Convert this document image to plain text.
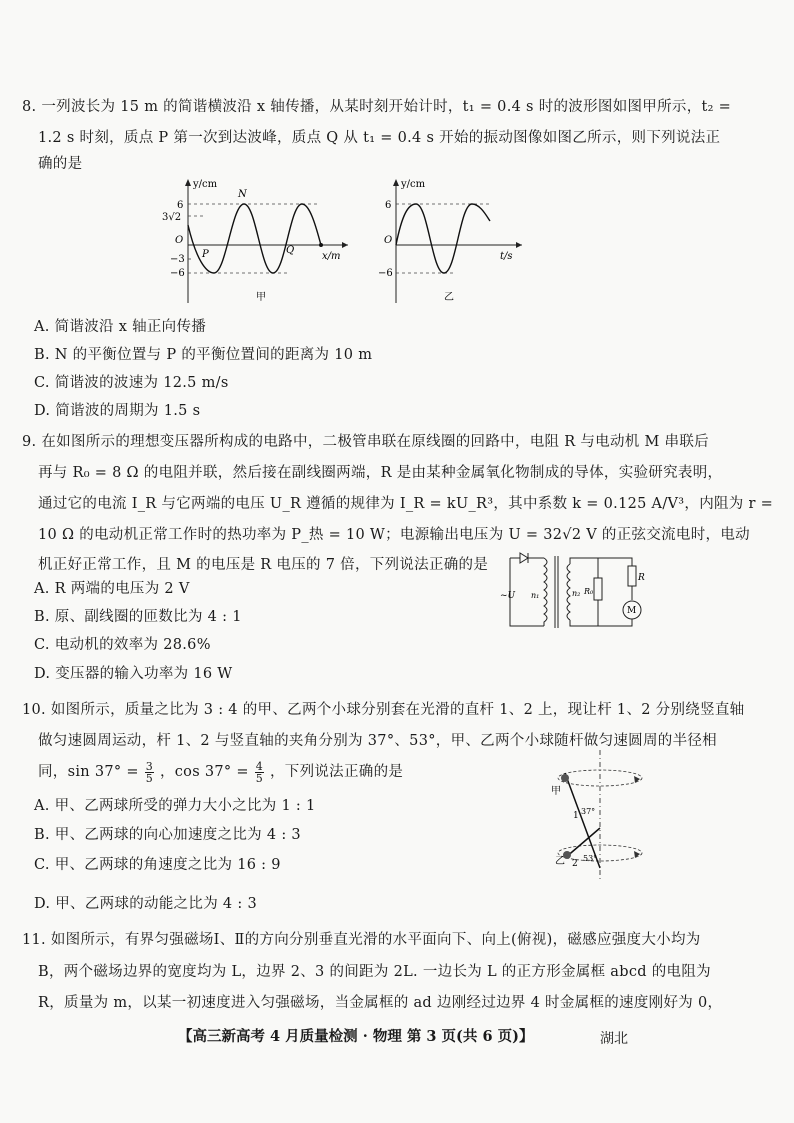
8. 一列波长为 15 m 的简谐横波沿 x 轴传播，从某时刻开始计时，t₁ = 0.4 s 时的波形图如图甲所示，t₂ =
1.2 s 时刻，质点 P 第一次到达波峰，质点 Q 从 t₁ = 0.4 s 开始的振动图像如图乙所示，则下列说法正
确的是
y/cm
x/m
6
3√2
O
−3
−6
N
P	Q
甲
y/cm
t/s
6
O
−6
乙
A. 简谐波沿 x 轴正向传播
B. N 的平衡位置与 P 的平衡位置间的距离为 10 m
C. 简谐波的波速为 12.5 m/s
D. 简谐波的周期为 1.5 s
9. 在如图所示的理想变压器所构成的电路中，二极管串联在原线圈的回路中，电阻 R 与电动机 M 串联后
再与 R₀ = 8 Ω 的电阻并联，然后接在副线圈两端，R 是由某种金属氧化物制成的导体，实验研究表明，
通过它的电流 I_R 与它两端的电压 U_R 遵循的规律为 I_R = kU_R³，其中系数 k = 0.125 A/V³，内阻为 r =
10 Ω 的电动机正常工作时的热功率为 P_热 = 10 W；电源输出电压为 U = 32√2 V 的正弦交流电时，电动
机正好正常工作，且 M 的电压是 R 电压的 7 倍，下列说法正确的是
~U n₁	n₂ R₀
R
M
A. R 两端的电压为 2 V
B. 原、副线圈的匝数比为 4 : 1
C. 电动机的效率为 28.6%
D. 变压器的输入功率为 16 W
10. 如图所示，质量之比为 3 : 4 的甲、乙两个小球分别套在光滑的直杆 1、2 上，现让杆 1、2 分别绕竖直轴
做匀速圆周运动，杆 1、2 与竖直轴的夹角分别为 37°、53°，甲、乙两个小球随杆做匀速圆周的半径相
同，$\sin 37^\circ = \frac{3}{5}$ ，$\cos 37^\circ = \frac{4}{5}$ ，下列说法正确的是
甲
乙
1 37°
2
53°
A. 甲、乙两球所受的弹力大小之比为 1 : 1
B. 甲、乙两球的向心加速度之比为 4 : 3
C. 甲、乙两球的角速度之比为 16 : 9
D. 甲、乙两球的动能之比为 4 : 3
11. 如图所示，有界匀强磁场Ⅰ、Ⅱ的方向分别垂直光滑的水平面向下、向上(俯视)，磁感应强度大小均为
B，两个磁场边界的宽度均为 L，边界 2、3 的间距为 2L. 一边长为 L 的正方形金属框 abcd 的电阻为
R，质量为 m，以某一初速度进入匀强磁场，当金属框的 ad 边刚经过边界 4 时金属框的速度刚好为 0，
【高三新高考 4 月质量检测 · 物理 第 3 页(共 6 页)】	湖北
